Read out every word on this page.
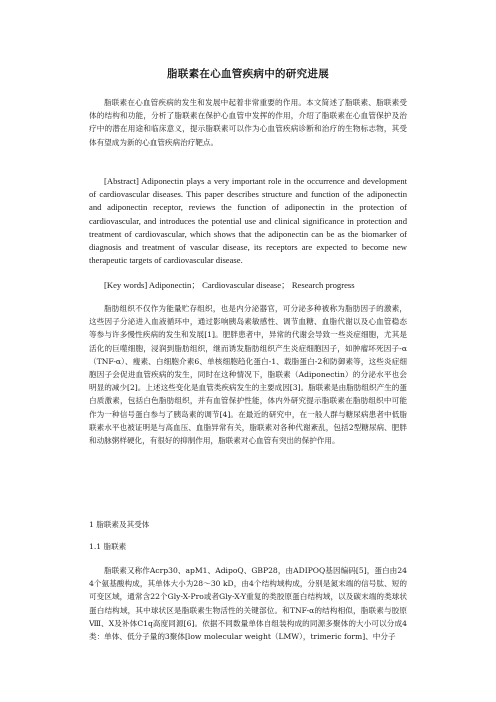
脂联素在心血管疾病中的研究进展

脂联素在心血管疾病的发生和发展中起着非常重要的作用。本文简述了脂联素、脂联素受体的结构和功能，分析了脂联素在保护心血管中发挥的作用，介绍了脂联素在心血管保护及治疗中的潜在用途和临床意义，提示脂联素可以作为心血管疾病诊断和治疗的生物标志物，其受体有望成为新的心血管疾病治疗靶点。

[Abstract] Adiponectin plays a very important role in the occurrence and development of cardiovascular diseases. This paper describes structure and function of the adiponectin and adiponectin receptor, reviews the function of adiponectin in the protection of cardiovascular, and introduces the potential use and clinical significance in protection and treatment of cardiovascular, which shows that the adiponectin can be as the biomarker of diagnosis and treatment of vascular disease, its receptors are expected to become new therapeutic targets of cardiovascular disease.

[Key words] Adiponectin； Cardiovascular disease； Research progress

脂肪组织不仅作为能量贮存组织，也是内分泌器官，可分泌多种被称为脂肪因子的激素，这些因子分泌进入血液循环中，通过影响胰岛素敏感性、调节血糖、血脂代谢以及心血管稳态等参与许多慢性疾病的发生和发展[1]。肥胖患者中，异常的代谢会导致一些炎症细胞，尤其是活化的巨噬细胞，浸润到脂肪组织，继而诱发脂肪组织产生炎症细胞因子，如肿瘤坏死因子-α（TNF-α）、瘦素、白细胞介素6、单核细胞趋化蛋白-1、载脂蛋白-2和防御素等，这些炎症细胞因子会促进血管疾病的发生，同时在这种情况下，脂联素（Adiponectin）的分泌水平也会明显的减少[2]。上述这些变化是血管类疾病发生的主要成因[3]。脂联素是由脂肪组织产生的蛋白质激素，包括白色脂肪组织，并有血管保护性能，体内外研究提示脂联素在脂肪组织中可能作为一种信号蛋白参与了胰岛素的调节[4]。在最近的研究中，在一般人群与糖尿病患者中低脂联素水平也被证明是与高血压、血脂异常有关，脂联素对各种代谢紊乱，包括2型糖尿病、肥胖和动脉粥样硬化，有很好的抑制作用，脂联素对心血管有突出的保护作用。

1 脂联素及其受体

1.1 脂联素

脂联素又称作Acrp30、apM1、AdipoQ、GBP28，由ADIPOQ基因编码[5]，蛋白由244个氨基酸构成，其单体大小为28～30 kD，由4个结构域构成，分别是氮末端的信号肽、短的可变区域，通常含22个Gly-X-Pro或者Gly-X-Y重复的类胶原蛋白结构域，以及碳末端的类球状蛋白结构域，其中球状区是脂联素生物活性的关键部位。和TNF-α的结构相似，脂联素与胶原Ⅷ、X及补体C1q高度同源[6]。依据不同数量单体自组装构成的同源多聚体的大小可以分成4类：单体、低分子量的3聚体[low molecular weight（LMW），trimeric form]、中分子
